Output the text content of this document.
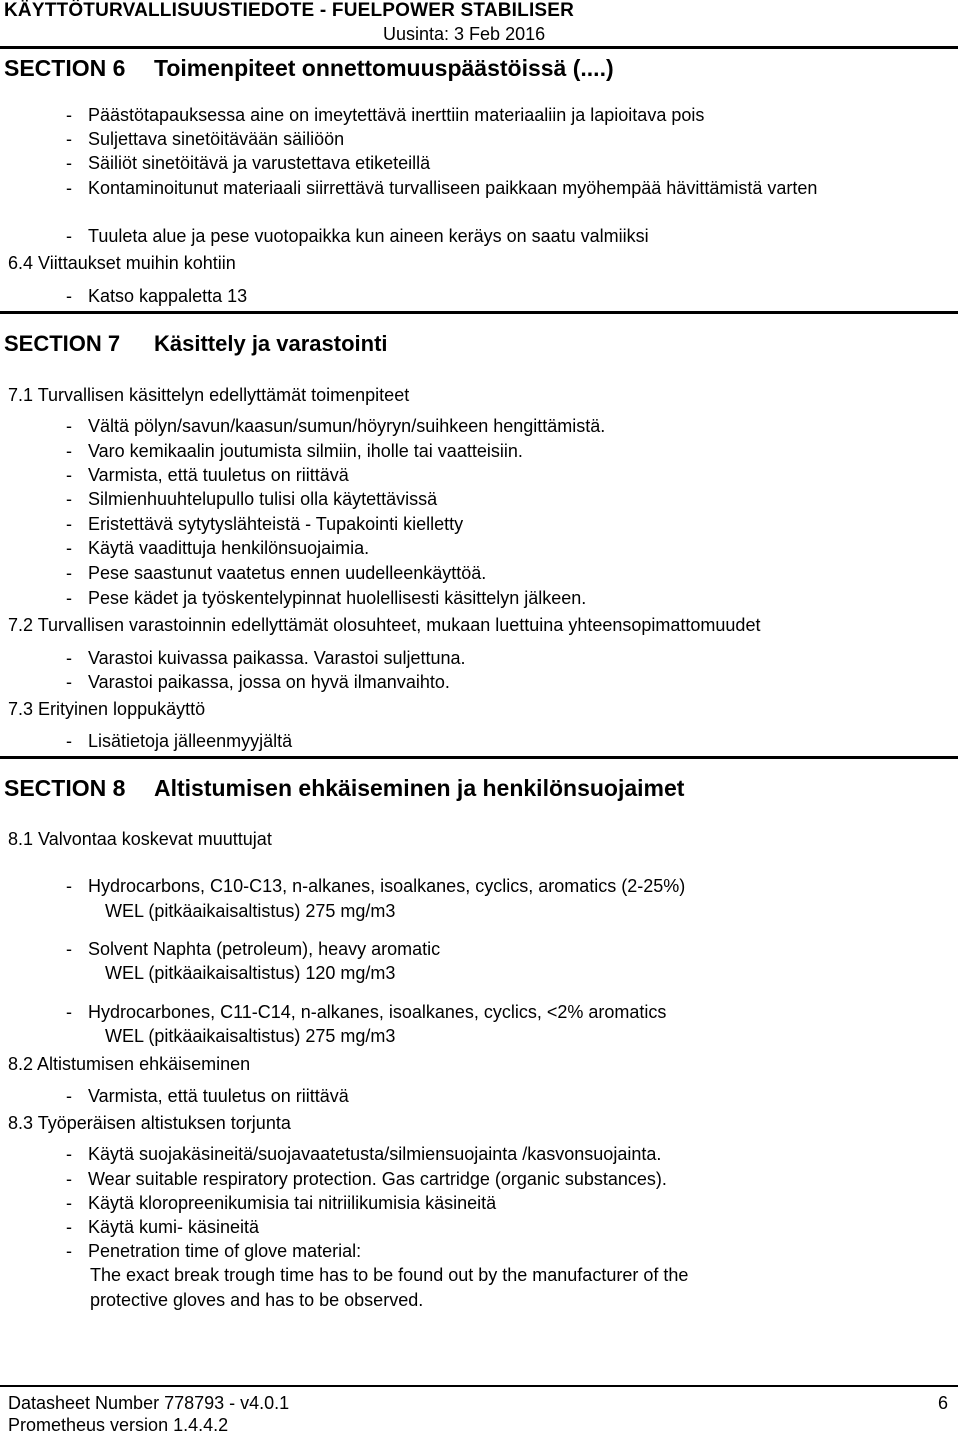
KÄYTTÖTURVALLISUUSTIEDOTE - FUELPOWER STABILISER
Uusinta: 3 Feb 2016
SECTION 6 Toimenpiteet onnettomuuspäästöissä (....)
- Päästötapauksessa aine on imeytettävä inerttiin materiaaliin ja lapioitava pois
- Suljettava sinetöitävään säiliöön
- Säiliöt sinetöitävä ja varustettava etiketeillä
- Kontaminoitunut materiaali siirrettävä turvalliseen paikkaan myöhempää hävittämistä varten
- Tuuleta alue ja pese vuotopaikka kun aineen keräys on saatu valmiiksi
6.4 Viittaukset muihin kohtiin
- Katso kappaletta 13
SECTION 7 Käsittely ja varastointi
7.1 Turvallisen käsittelyn edellyttämät toimenpiteet
- Vältä pölyn/savun/kaasun/sumun/höyryn/suihkeen hengittämistä.
- Varo kemikaalin joutumista silmiin, iholle tai vaatteisiin.
- Varmista, että tuuletus on riittävä
- Silmienhuuhtelupullo tulisi olla käytettävissä
- Eristettävä sytytyslähteistä - Tupakointi kielletty
- Käytä vaadittuja henkilönsuojaimia.
- Pese saastunut vaatetus ennen uudelleenkäyttöä.
- Pese kädet ja työskentelypinnat huolellisesti käsittelyn jälkeen.
7.2 Turvallisen varastoinnin edellyttämät olosuhteet, mukaan luettuina yhteensopimattomuudet
- Varastoi kuivassa paikassa. Varastoi suljettuna.
- Varastoi paikassa, jossa on hyvä ilmanvaihto.
7.3 Erityinen loppukäyttö
- Lisätietoja jälleenmyyjältä
SECTION 8 Altistumisen ehkäiseminen ja henkilönsuojaimet
8.1 Valvontaa koskevat muuttujat
- Hydrocarbons, C10-C13, n-alkanes, isoalkanes, cyclics, aromatics (2-25%)
WEL (pitkäaikaisaltistus) 275 mg/m3
- Solvent Naphta (petroleum), heavy aromatic
WEL (pitkäaikaisaltistus) 120 mg/m3
- Hydrocarbones, C11-C14, n-alkanes, isoalkanes, cyclics, <2% aromatics
WEL (pitkäaikaisaltistus) 275 mg/m3
8.2 Altistumisen ehkäiseminen
- Varmista, että tuuletus on riittävä
8.3 Työperäisen altistuksen torjunta
- Käytä suojakäsineitä/suojavaatetusta/silmiensuojainta /kasvonsuojainta.
- Wear suitable respiratory protection. Gas cartridge (organic substances).
- Käytä kloropreenikumisia tai nitriilikumisia käsineitä
- Käytä kumi- käsineitä
- Penetration time of glove material:
The exact break trough time has to be found out by the manufacturer of the
protective gloves and has to be observed.
Datasheet Number 778793 - v4.0.1
Prometheus version 1.4.4.2
6
